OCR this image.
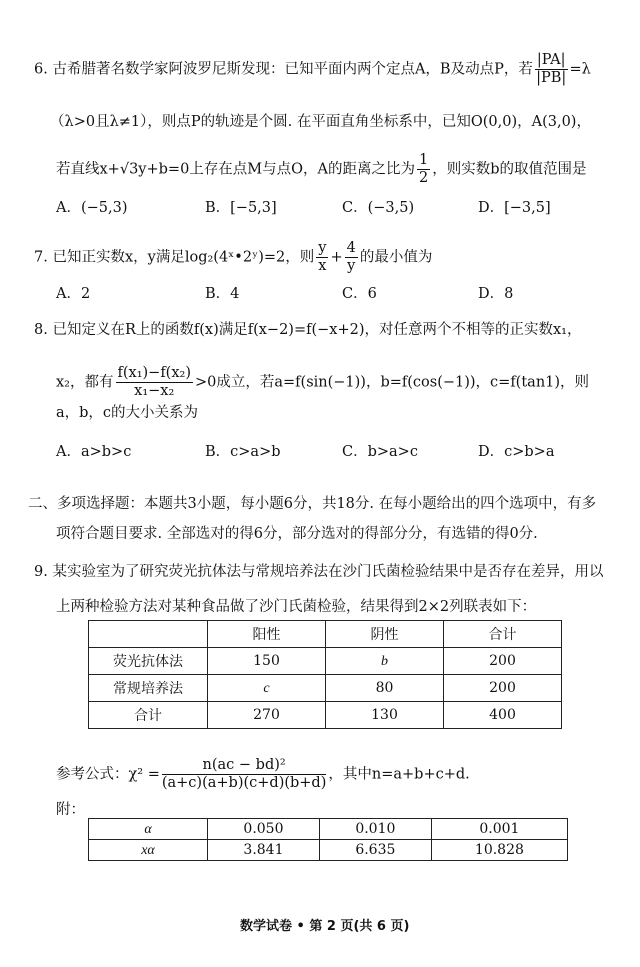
6. 古希腊著名数学家阿波罗尼斯发现：已知平面内两个定点A，B及动点P，若 $\frac{|PA|}{|PB|} =\lambda$
（λ>0且λ≠1），则点P的轨迹是个圆. 在平面直角坐标系中，已知O(0,0)，A(3,0)，
若直线x+√3y+b=0上存在点M与点O，A的距离之比为 $\frac{1}{2}$ ，则实数b的取值范围是
A．(−5,3)	B．[−5,3]	C．(−3,5)	D．[−3,5]
7. 已知正实数x，y满足log₂(4ˣ•2ʸ)=2，则 $\frac{y}{x} + \frac{4}{y}$ 的最小值为
A．2	B．4	C．6	D．8
8. 已知定义在R上的函数f(x)满足f(x−2)=f(−x+2)，对任意两个不相等的正实数x₁，
x₂，都有 $\frac{\text{f(x₁)−f(x₂)}}{\text{x₁−x₂}} >0$成立，若a=f(sin(−1))，b=f(cos(−1))，c=f(tan1)，则
a，b，c的大小关系为
A．a>b>c	B．c>a>b	C．b>a>c	D．c>b>a
二、多项选择题：本题共3小题，每小题6分，共18分. 在每小题给出的四个选项中，有多
项符合题目要求. 全部选对的得6分，部分选对的得部分分，有选错的得0分.
9. 某实验室为了研究荧光抗体法与常规培养法在沙门氏菌检验结果中是否存在差异，用以
上两种检验方法对某种食品做了沙门氏菌检验，结果得到2×2列联表如下：
	阳性	阴性	合计
荧光抗体法	150	b	200
常规培养法	c	80	200
合计	270	130	400
参考公式：$\chi^2 = \frac{\text{n(ac − bd)²}}{(a+c)(a+b)(c+d)(b+d)}$ ，其中n=a+b+c+d.
附：
α	0.050	0.010	0.001
xα	3.841	6.635	10.828
数学试卷 • 第 2 页(共 6 页)
